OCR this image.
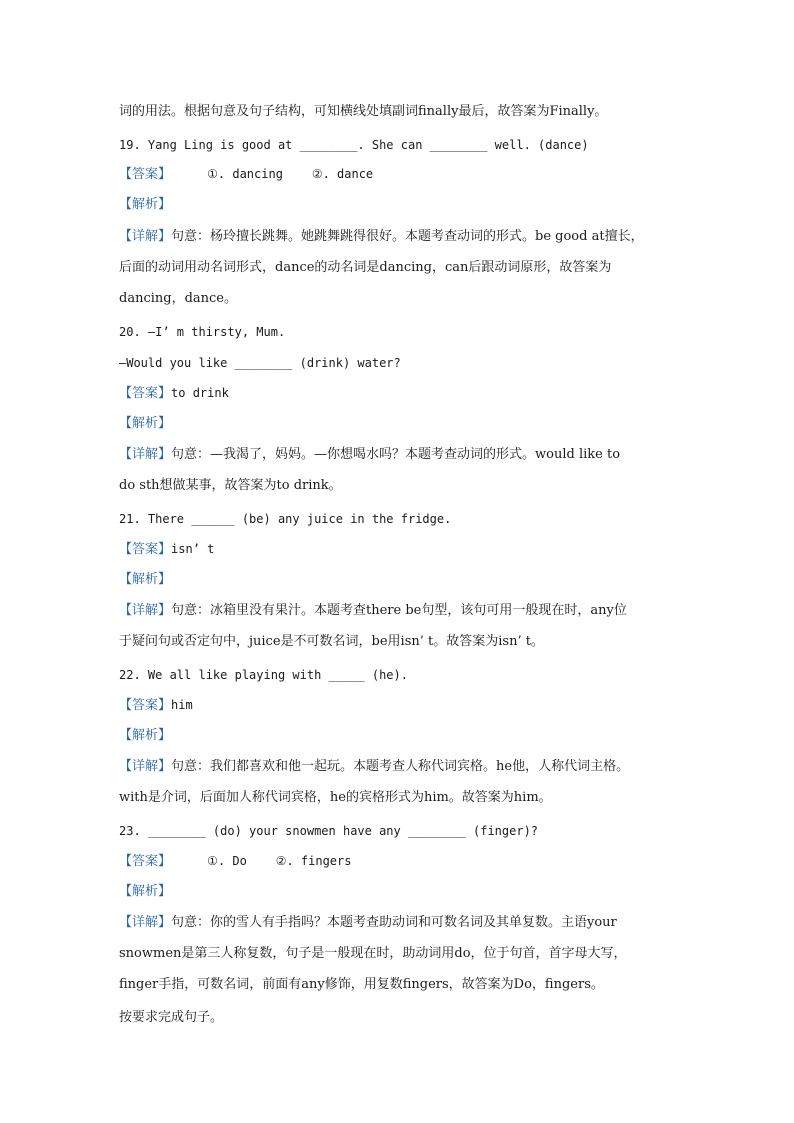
词的用法。根据句意及句子结构，可知横线处填副词finally最后，故答案为Finally。
19. Yang Ling is good at ________. She can ________ well. (dance)
【答案】     ①. dancing    ②. dance
【解析】
【详解】句意：杨玲擅长跳舞。她跳舞跳得很好。本题考查动词的形式。be good at擅长，
后面的动词用动名词形式，dance的动名词是dancing，can后跟动词原形，故答案为
dancing，dance。
20. —I’ m thirsty, Mum.
—Would you like ________ (drink) water?
【答案】to drink
【解析】
【详解】句意：—我渴了，妈妈。—你想喝水吗？本题考查动词的形式。would like to
do sth想做某事，故答案为to drink。
21. There ______ (be) any juice in the fridge.
【答案】isn’ t
【解析】
【详解】句意：冰箱里没有果汁。本题考查there be句型，该句可用一般现在时，any位
于疑问句或否定句中，juice是不可数名词，be用isn’ t。故答案为isn’ t。
22. We all like playing with _____ (he).
【答案】him
【解析】
【详解】句意：我们都喜欢和他一起玩。本题考查人称代词宾格。he他，人称代词主格。
with是介词，后面加人称代词宾格，he的宾格形式为him。故答案为him。
23. ________ (do) your snowmen have any ________ (finger)?
【答案】     ①. Do    ②. fingers
【解析】
【详解】句意：你的雪人有手指吗？本题考查助动词和可数名词及其单复数。主语your
snowmen是第三人称复数，句子是一般现在时，助动词用do，位于句首，首字母大写，
finger手指，可数名词，前面有any修饰，用复数fingers，故答案为Do，fingers。
按要求完成句子。
